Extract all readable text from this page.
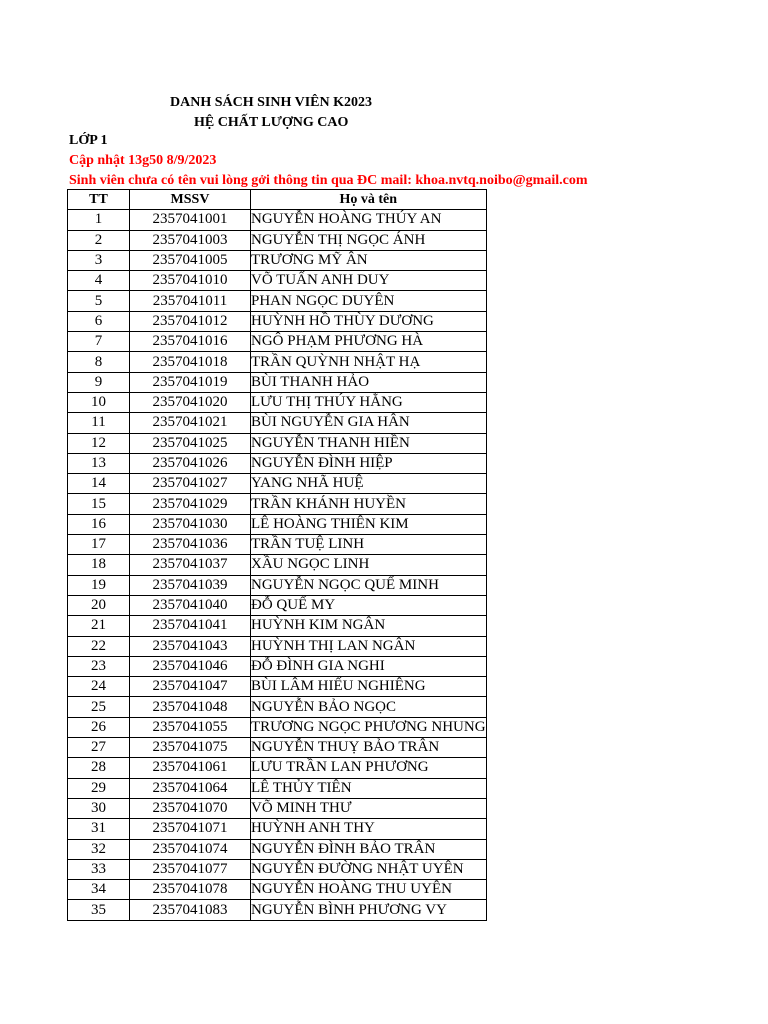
DANH SÁCH SINH VIÊN K2023
HỆ CHẤT LƯỢNG CAO
LỚP 1
Cập nhật 13g50 8/9/2023
Sinh viên chưa có tên vui lòng gởi thông tin qua ĐC mail: khoa.nvtq.noibo@gmail.com
TT	MSSV	Họ và tên
1	2357041001	NGUYỄN HOÀNG THÚY AN
2	2357041003	NGUYỄN THỊ NGỌC ÁNH
3	2357041005	TRƯƠNG MỸ ÂN
4	2357041010	VÕ TUẤN ANH DUY
5	2357041011	PHAN NGỌC DUYÊN
6	2357041012	HUỲNH HỒ THÙY DƯƠNG
7	2357041016	NGÔ PHẠM PHƯƠNG HÀ
8	2357041018	TRẦN QUỲNH NHẬT HẠ
9	2357041019	BÙI THANH HẢO
10	2357041020	LƯU THỊ THÚY HẰNG
11	2357041021	BÙI NGUYỄN GIA HÂN
12	2357041025	NGUYỄN THANH HIỀN
13	2357041026	NGUYỄN ĐÌNH HIỆP
14	2357041027	YANG NHÃ HUỆ
15	2357041029	TRẦN KHÁNH HUYỀN
16	2357041030	LÊ HOÀNG THIÊN KIM
17	2357041036	TRẦN TUỆ LINH
18	2357041037	XẦU NGỌC LINH
19	2357041039	NGUYỄN NGỌC QUẾ MINH
20	2357041040	ĐỖ QUẾ MY
21	2357041041	HUỲNH KIM NGÂN
22	2357041043	HUỲNH THỊ LAN NGÂN
23	2357041046	ĐỖ ĐÌNH GIA NGHI
24	2357041047	BÙI LÂM HIẾU NGHIÊNG
25	2357041048	NGUYỄN BẢO NGỌC
26	2357041055	TRƯƠNG NGỌC PHƯƠNG NHUNG
27	2357041075	NGUYỄN THUỴ BẢO TRÂN
28	2357041061	LƯU TRẦN LAN PHƯƠNG
29	2357041064	LÊ THỦY TIÊN
30	2357041070	VÕ MINH THƯ
31	2357041071	HUỲNH ANH THY
32	2357041074	NGUYỄN ĐÌNH BẢO TRÂN
33	2357041077	NGUYỄN ĐƯỜNG NHẬT UYÊN
34	2357041078	NGUYỄN HOÀNG THU UYÊN
35	2357041083	NGUYỄN BÌNH PHƯƠNG VY
